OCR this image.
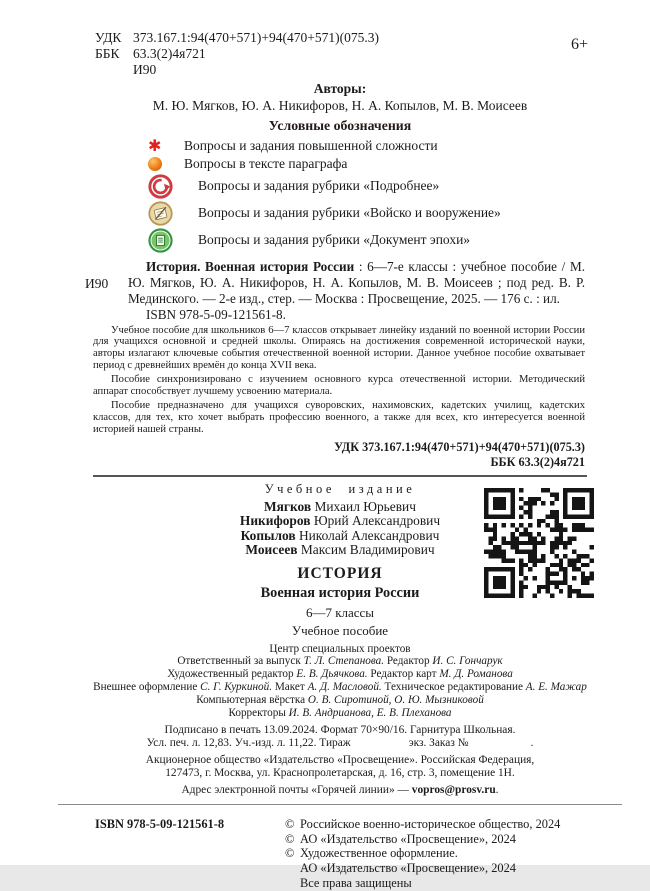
УДК 373.167.1:94(470+571)+94(470+571)(075.3)
ББК 63.3(2)4я721
И90
6+
Авторы:
М. Ю. Мягков, Ю. А. Никифоров, Н. А. Копылов, М. В. Моисеев
Условные обозначения
✱ Вопросы и задания повышенной сложности
Вопросы в тексте параграфа
Вопросы и задания рубрики «Подробнее»
Вопросы и задания рубрики «Войско и вооружение»
Вопросы и задания рубрики «Документ эпохи»
И90

История. Военная история России : 6—7-е классы : учебное пособие / М. Ю. Мягков, Ю. А. Никифоров, Н. А. Копылов, М. В. Моисеев ; под ред. В. Р. Мединского. — 2-е изд., стер. — Москва : Просвещение, 2025. — 176 с. : ил.

ISBN 978-5-09-121561-8.

Учебное пособие для школьников 6—7 классов открывает линейку изданий по военной истории России для учащихся основной и средней школы. Опираясь на достижения современной исторической науки, авторы излагают ключевые события отечественной военной истории. Данное учебное пособие охватывает период с древнейших времён до конца XVII века.

Пособие синхронизировано с изучением основного курса отечественной истории. Методический аппарат способствует лучшему усвоению материала.

Пособие предназначено для учащихся суворовских, нахимовских, кадетских училищ, кадетских классов, для тех, кто хочет выбрать профессию военного, а также для всех, кто интересуется военной историей нашей страны.

УДК 373.167.1:94(470+571)+94(470+571)(075.3)
ББК 63.3(2)4я721
Учебное издание
Мягков Михаил Юрьевич
Никифоров Юрий Александрович
Копылов Николай Александрович
Моисеев Максим Владимирович
ИСТОРИЯ
Военная история России
6—7 классы
Учебное пособие
Центр специальных проектов
Ответственный за выпуск Т. Л. Степанова. Редактор И. С. Гончарук
Художественный редактор Е. В. Дьячкова. Редактор карт М. Д. Романова
Внешнее оформление С. Г. Куркиной. Макет А. Д. Масловой. Техническое редактирование А. Е. Мажар
Компьютерная вёрстка О. В. Сиротиной, О. Ю. Мызниковой
Корректоры И. В. Андрианова, Е. В. Плеханова
Подписано в печать 13.09.2024. Формат 70×90/16. Гарнитура Школьная.
Усл. печ. л. 12,83. Уч.-изд. л. 11,22. Тираж	экз. Заказ №	.
Акционерное общество «Издательство «Просвещение». Российская Федерация,
127473, г. Москва, ул. Краснопролетарская, д. 16, стр. 3, помещение 1Н.
Адрес электронной почты «Горячей линии» — vopros@prosv.ru.
ISBN 978-5-09-121561-8	© Российское военно-историческое общество, 2024
© АО «Издательство «Просвещение», 2024
© Художественное оформление.
АО «Издательство «Просвещение», 2024
Все права защищены
